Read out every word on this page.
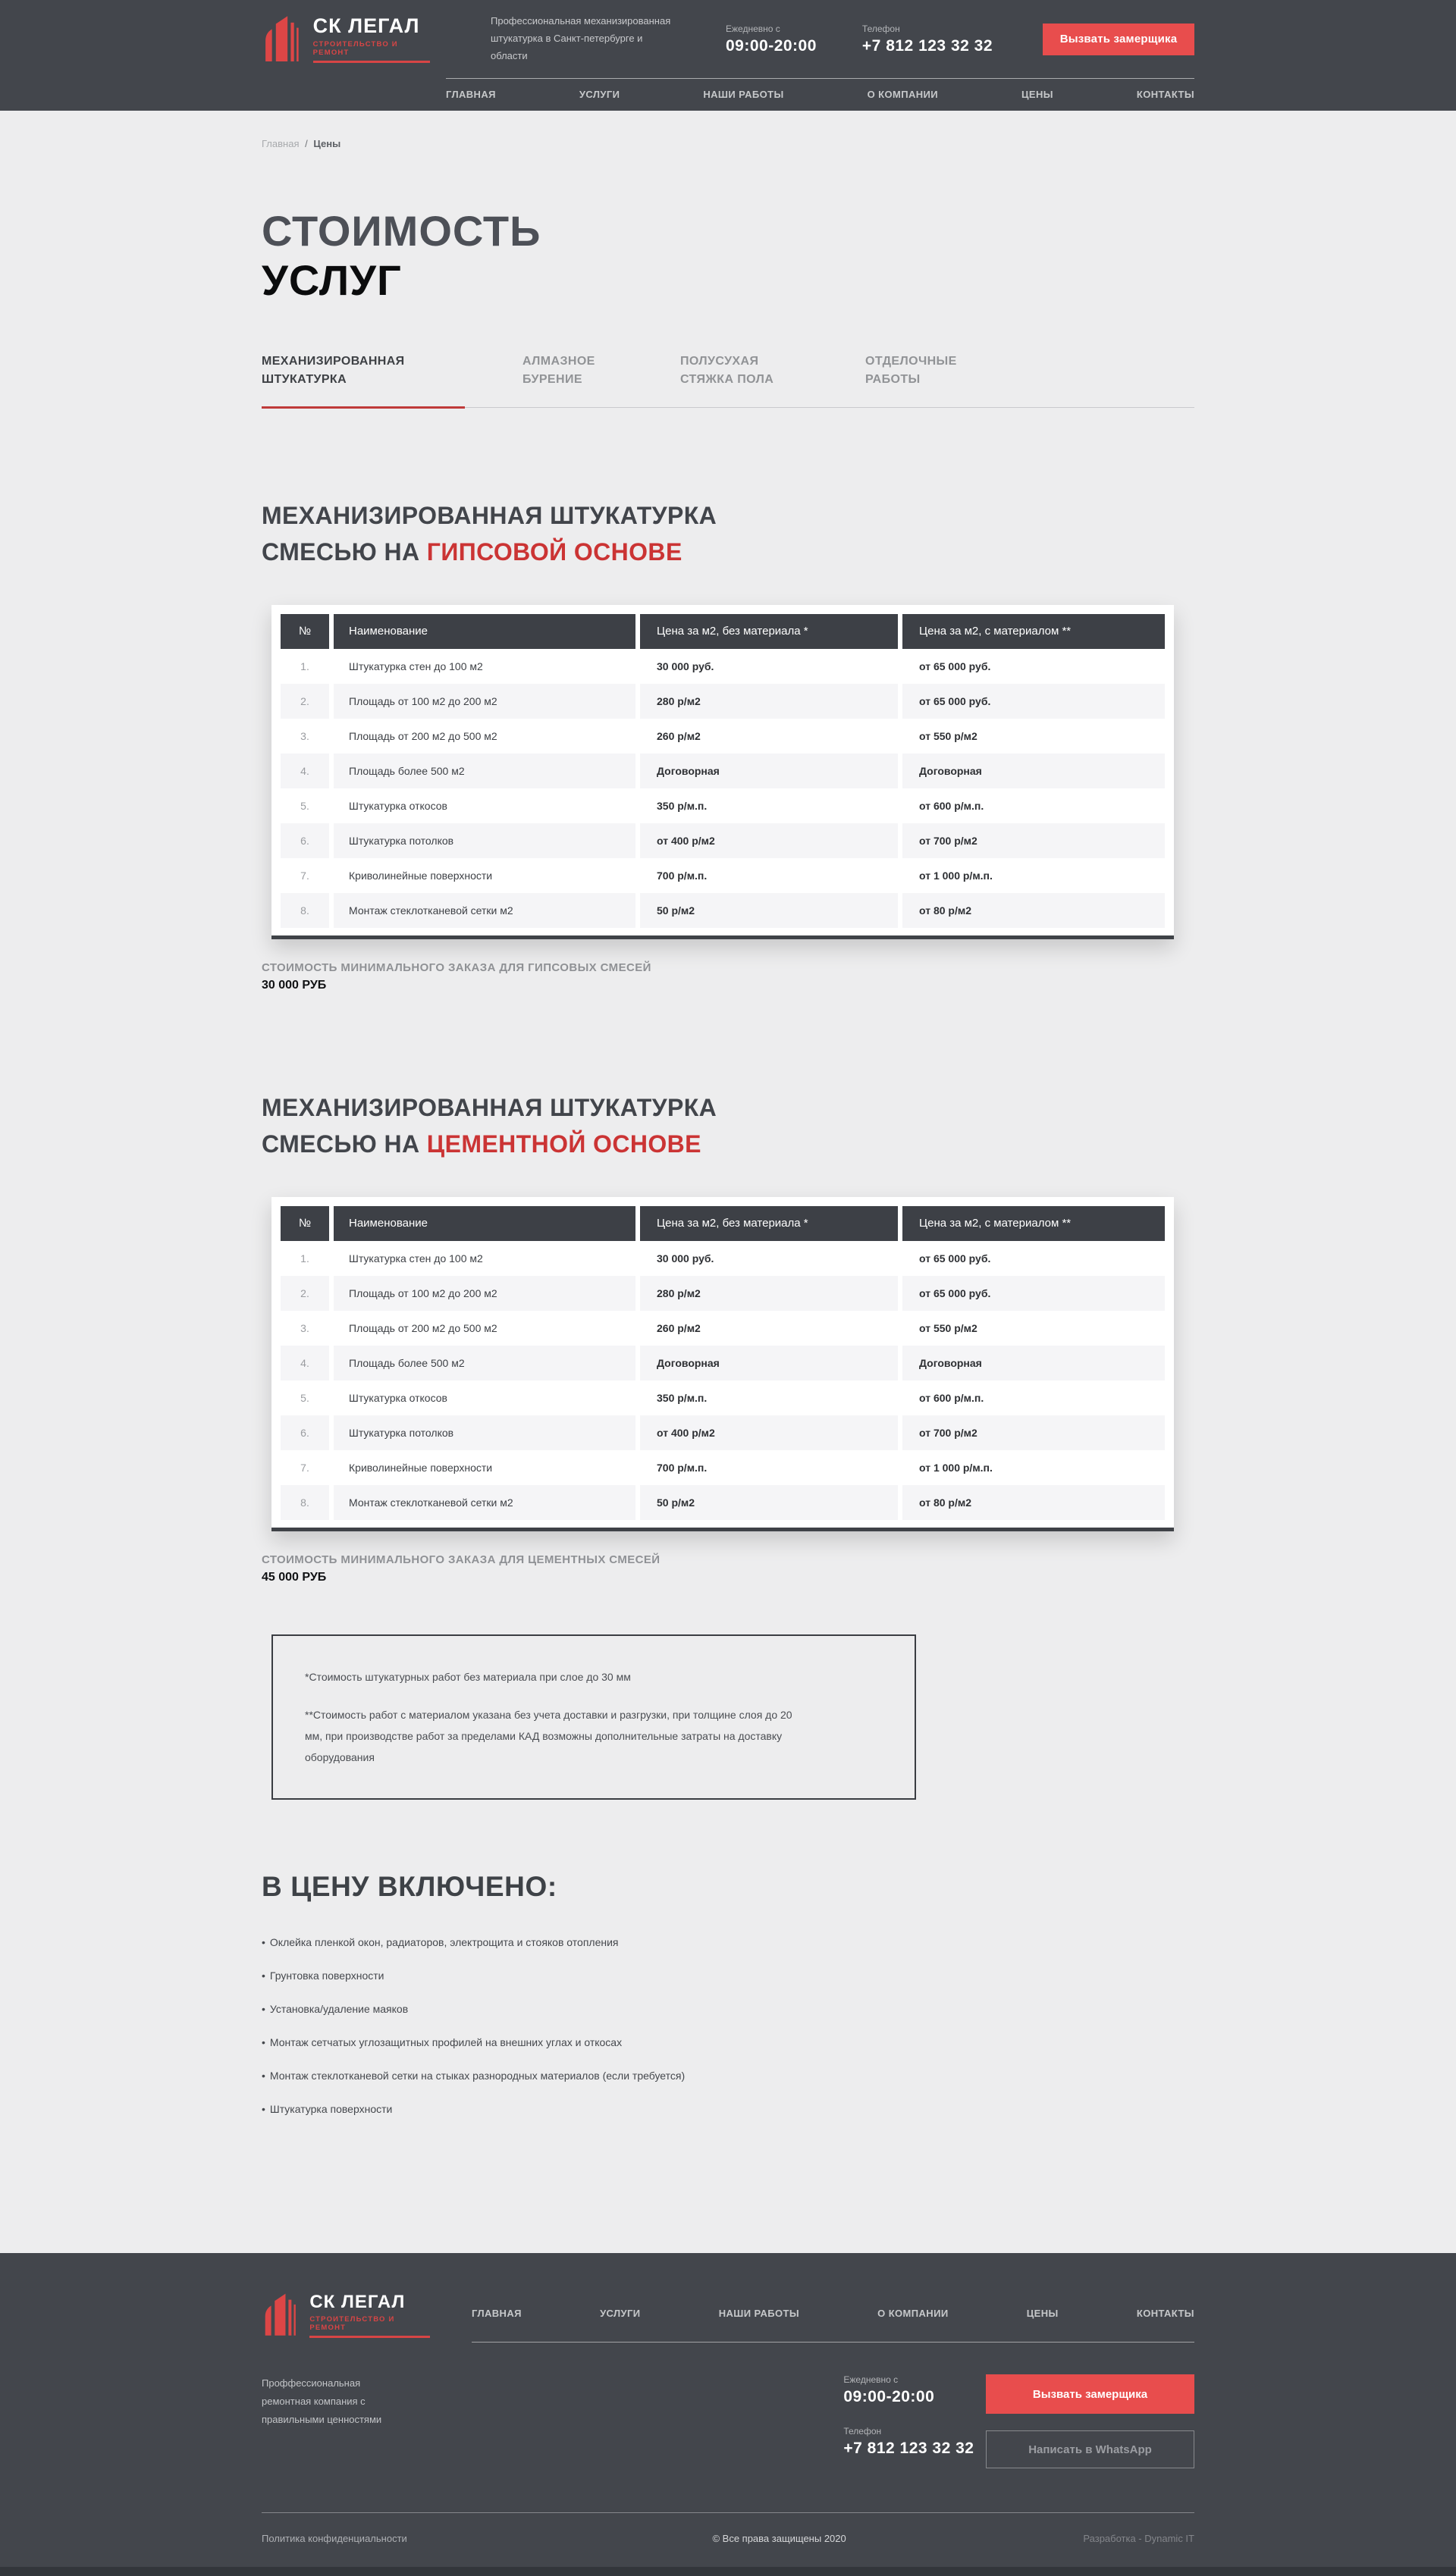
СК ЛЕГАЛ
СТРОИТЕЛЬСТВО И РЕМОНТ
Профессиональная механизированная
штукатурка в Санкт-петербурге и области
Ежедневно с
09:00-20:00
Телефон
+7 812 123 32 32	Вызвать замерщика
ГЛАВНАЯ	УСЛУГИ	НАШИ РАБОТЫ	О КОМПАНИИ	ЦЕНЫ	КОНТАКТЫ
Главная / Цены
СТОИМОСТЬ
УСЛУГ
МЕХАНИЗИРОВАННАЯ ШТУКАТУРКА
АЛМАЗНОЕ БУРЕНИЕ
ПОЛУСУХАЯ СТЯЖКА ПОЛА
ОТДЕЛОЧНЫЕ РАБОТЫ
МЕХАНИЗИРОВАННАЯ ШТУКАТУРКА
СМЕСЬЮ НА ГИПСОВОЙ ОСНОВЕ
№	Наименование	Цена за м2, без материала *	Цена за м2, с материалом **
1.	Штукатурка стен до 100 м2	30 000 руб.	от 65 000 руб.
2.	Площадь от 100 м2 до 200 м2	280 р/м2	от 65 000 руб.
3.	Площадь от 200 м2 до 500 м2	260 р/м2	от 550 р/м2
4.	Площадь более 500 м2	Договорная	Договорная
5.	Штукатурка откосов	350 р/м.п.	от 600 р/м.п.
6.	Штукатурка потолков	от 400 р/м2	от 700 р/м2
7.	Криволинейные поверхности	700 р/м.п.	от 1 000 р/м.п.
8.	Монтаж стеклотканевой сетки м2	50 р/м2	от 80 р/м2
СТОИМОСТЬ МИНИМАЛЬНОГО ЗАКАЗА ДЛЯ ГИПСОВЫХ СМЕСЕЙ
30 000 РУБ
МЕХАНИЗИРОВАННАЯ ШТУКАТУРКА
СМЕСЬЮ НА ЦЕМЕНТНОЙ ОСНОВЕ
№	Наименование	Цена за м2, без материала *	Цена за м2, с материалом **
1.	Штукатурка стен до 100 м2	30 000 руб.	от 65 000 руб.
2.	Площадь от 100 м2 до 200 м2	280 р/м2	от 65 000 руб.
3.	Площадь от 200 м2 до 500 м2	260 р/м2	от 550 р/м2
4.	Площадь более 500 м2	Договорная	Договорная
5.	Штукатурка откосов	350 р/м.п.	от 600 р/м.п.
6.	Штукатурка потолков	от 400 р/м2	от 700 р/м2
7.	Криволинейные поверхности	700 р/м.п.	от 1 000 р/м.п.
8.	Монтаж стеклотканевой сетки м2	50 р/м2	от 80 р/м2
СТОИМОСТЬ МИНИМАЛЬНОГО ЗАКАЗА ДЛЯ ЦЕМЕНТНЫХ СМЕСЕЙ
45 000 РУБ

*Стоимость штукатурных работ без материала при слое до 30 мм

**Стоимость работ с материалом указана без учета доставки и разгрузки, при толщине слоя до 20 мм, при производстве работ за пределами КАД возможны дополнительные затраты на доставку оборудования

В ЦЕНУ ВКЛЮЧЕНО:
• Оклейка пленкой окон, радиаторов, электрощита и стояков отопления
• Грунтовка поверхности
• Установка/удаление маяков
• Монтаж сетчатых углозащитных профилей на внешних углах и откосах
• Монтаж стеклотканевой сетки на стыках разнородных материалов (если требуется)
• Штукатурка поверхности
СК ЛЕГАЛ
СТРОИТЕЛЬСТВО И РЕМОНТ
ГЛАВНАЯ	УСЛУГИ	НАШИ РАБОТЫ	О КОМПАНИИ	ЦЕНЫ	КОНТАКТЫ
Проффессиональная ремонтная компания с правильными ценностями
Ежедневно с
09:00-20:00
Телефон
+7 812 123 32 32
Вызвать замерщика Написать в WhatsApp
Политика конфиденциальности	© Все права защищены 2020	Разработка - Dynamic IT
